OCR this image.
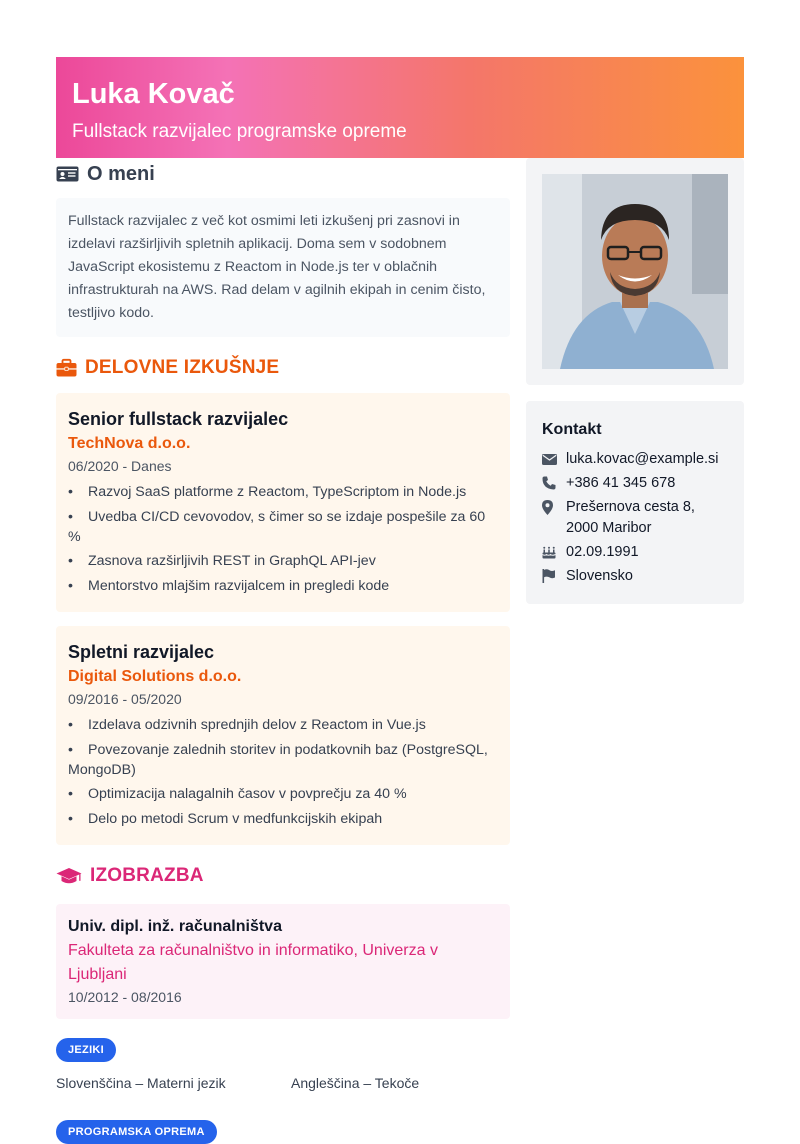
Luka Kovač
Fullstack razvijalec programske opreme
O meni
Fullstack razvijalec z več kot osmimi leti izkušenj pri zasnovi in izdelavi razširljivih spletnih aplikacij. Doma sem v sodobnem JavaScript ekosistemu z Reactom in Node.js ter v oblačnih infrastrukturah na AWS. Rad delam v agilnih ekipah in cenim čisto, testljivo kodo.
DELOVNE IZKUŠNJE
Senior fullstack razvijalec
TechNova d.o.o.
06/2020 - Danes
• Razvoj SaaS platforme z Reactom, TypeScriptom in Node.js
• Uvedba CI/CD cevovodov, s čimer so se izdaje pospešile za 60 %
• Zasnova razširljivih REST in GraphQL API-jev
• Mentorstvo mlajšim razvijalcem in pregledi kode
Spletni razvijalec
Digital Solutions d.o.o.
09/2016 - 05/2020
• Izdelava odzivnih sprednjih delov z Reactom in Vue.js
• Povezovanje zalednih storitev in podatkovnih baz (PostgreSQL, MongoDB)
• Optimizacija nalagalnih časov v povprečju za 40 %
• Delo po metodi Scrum v medfunkcijskih ekipah
IZOBRAZBA
Univ. dipl. inž. računalništva
Fakulteta za računalništvo in informatiko, Univerza v Ljubljani
10/2012 - 08/2016
JEZIKI
Slovenščina – Materni jezik	Angleščina – Tekoče
PROGRAMSKA OPREMA
Kontakt
luka.kovac@example.si
+386 41 345 678
Prešernova cesta 8,
2000 Maribor
02.09.1991
Slovensko
